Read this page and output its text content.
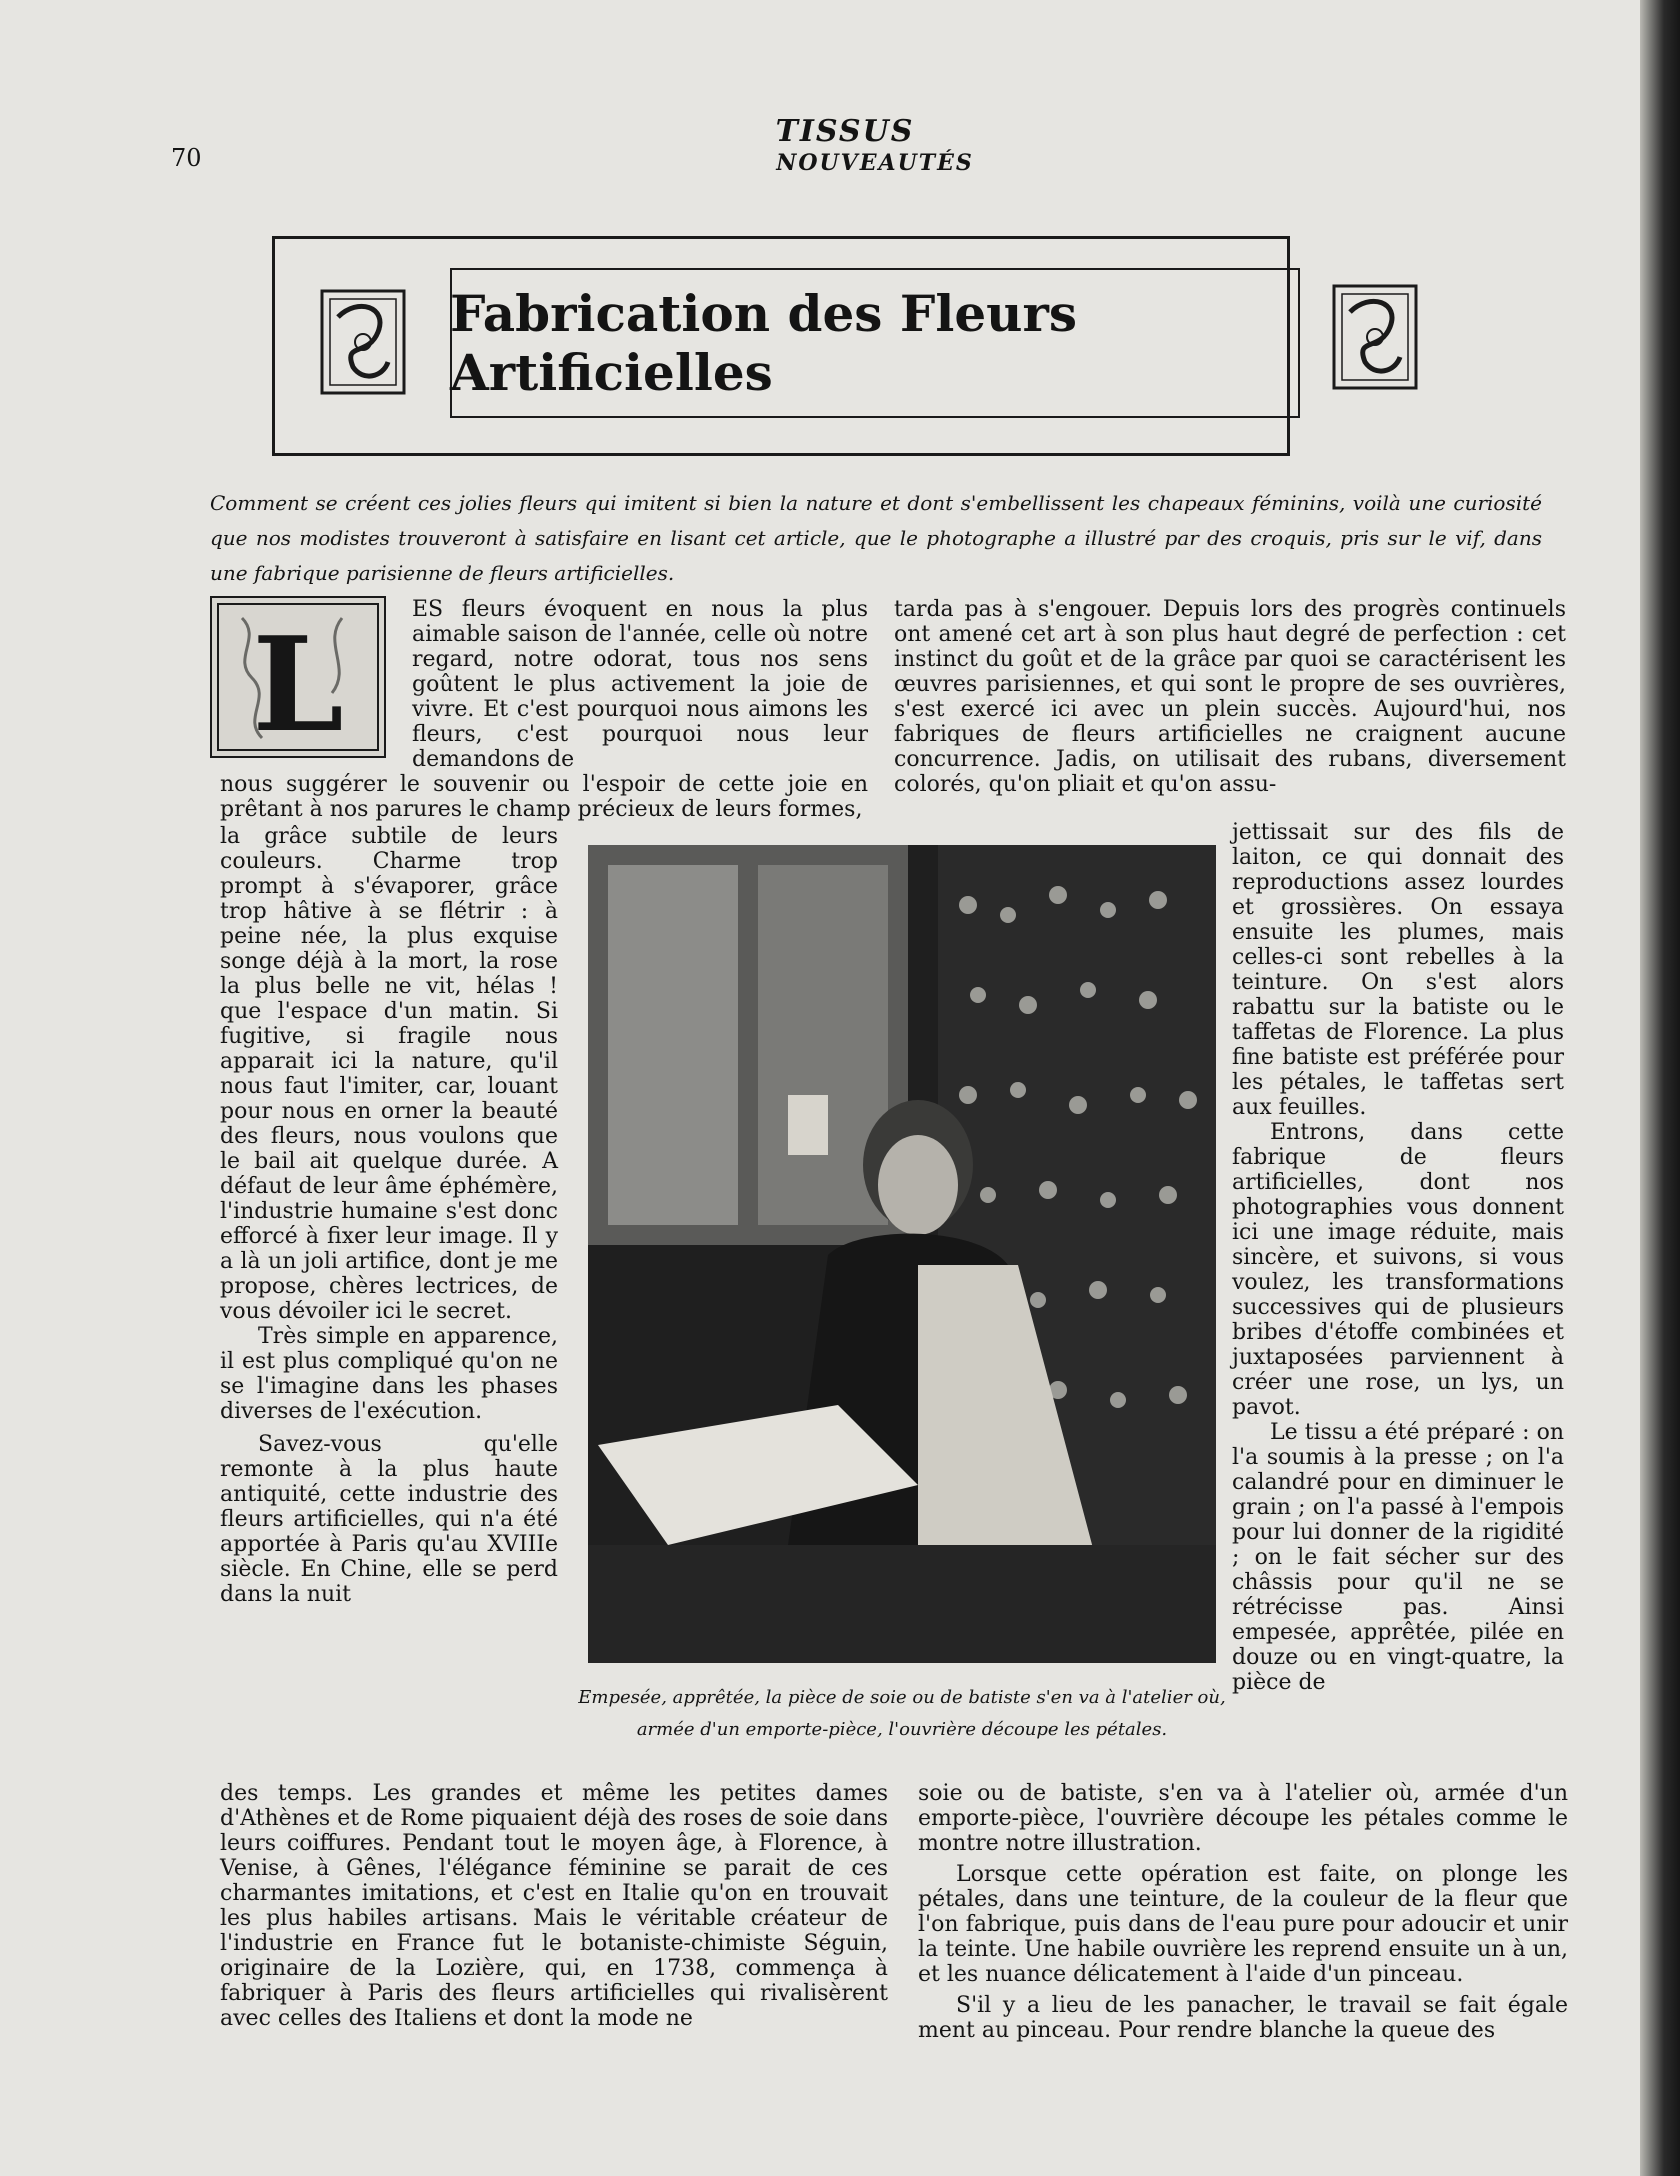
70
TISSUS
NOUVEAUTÉS
Fabrication des Fleurs Artificielles
Comment se créent ces jolies fleurs qui imitent si bien la nature et dont s'embellissent les chapeaux féminins, voilà une curiosité que nos modistes trouveront à satisfaire en lisant cet article, que le photographe a illustré par des croquis, pris sur le vif, dans une fabrique parisienne de fleurs artificielles.
L	ES fleurs évoquent en nous la plus aimable saison de l'année, celle où notre regard, notre odorat, tous nos sens goûtent le plus activement la joie de vivre. Et c'est pourquoi nous aimons les fleurs, c'est pourquoi nous leur demandons de

nous suggérer le souvenir ou l'espoir de cette joie en prêtant à nos parures le champ précieux de leurs formes,

la grâce subtile de leurs couleurs. Charme trop prompt à s'évaporer, grâce trop hâtive à se flétrir : à peine née, la plus exquise songe déjà à la mort, la rose la plus belle ne vit, hélas ! que l'espace d'un matin. Si fugitive, si fragile nous apparait ici la nature, qu'il nous faut l'imiter, car, louant pour nous en orner la beauté des fleurs, nous voulons que le bail ait quelque durée. A défaut de leur âme éphémère, l'industrie humaine s'est donc efforcé à fixer leur image. Il y a là un joli artifice, dont je me propose, chères lectrices, de vous dévoiler ici le secret.

Très simple en apparence, il est plus compliqué qu'on ne se l'imagine dans les phases diverses de l'exécution.

Savez-vous qu'elle remonte à la plus haute antiquité, cette industrie des fleurs artificielles, qui n'a été apportée à Paris qu'au XVIIIe siècle. En Chine, elle se perd dans la nuit

tarda pas à s'engouer. Depuis lors des progrès continuels ont amené cet art à son plus haut degré de perfection : cet instinct du goût et de la grâce par quoi se caractérisent les œuvres parisiennes, et qui sont le propre de ses ouvrières, s'est exercé ici avec un plein succès. Aujourd'hui, nos fabriques de fleurs artificielles ne craignent aucune concurrence. Jadis, on utilisait des rubans, diversement colorés, qu'on pliait et qu'on assu-

jettissait sur des fils de laiton, ce qui donnait des reproductions assez lourdes et grossières. On essaya ensuite les plumes, mais celles-ci sont rebelles à la teinture. On s'est alors rabattu sur la batiste ou le taffetas de Florence. La plus fine batiste est préférée pour les pétales, le taffetas sert aux feuilles.

Entrons, dans cette fabrique de fleurs artificielles, dont nos photographies vous donnent ici une image réduite, mais sincère, et suivons, si vous voulez, les transformations successives qui de plusieurs bribes d'étoffe combinées et juxtaposées parviennent à créer une rose, un lys, un pavot.

Le tissu a été préparé : on l'a soumis à la presse ; on l'a calandré pour en diminuer le grain ; on l'a passé à l'empois pour lui donner de la rigidité ; on le fait sécher sur des châssis pour qu'il ne se rétrécisse pas. Ainsi empesée, apprêtée, pilée en douze ou en vingt-quatre, la pièce de

Empesée, apprêtée, la pièce de soie ou de batiste s'en va à l'atelier où, armée d'un emporte-pièce, l'ouvrière découpe les pétales.

des temps. Les grandes et même les petites dames d'Athènes et de Rome piquaient déjà des roses de soie dans leurs coiffures. Pendant tout le moyen âge, à Florence, à Venise, à Gênes, l'élégance féminine se parait de ces charmantes imitations, et c'est en Italie qu'on en trouvait les plus habiles artisans. Mais le véritable créateur de l'industrie en France fut le botaniste-chimiste Séguin, originaire de la Lozière, qui, en 1738, commença à fabriquer à Paris des fleurs artificielles qui rivalisèrent avec celles des Italiens et dont la mode ne

soie ou de batiste, s'en va à l'atelier où, armée d'un emporte-pièce, l'ouvrière découpe les pétales comme le montre notre illustration.

Lorsque cette opération est faite, on plonge les pétales, dans une teinture, de la couleur de la fleur que l'on fabrique, puis dans de l'eau pure pour adoucir et unir la teinte. Une habile ouvrière les reprend ensuite un à un, et les nuance délicatement à l'aide d'un pinceau.

S'il y a lieu de les panacher, le travail se fait égale ment au pinceau. Pour rendre blanche la queue des
